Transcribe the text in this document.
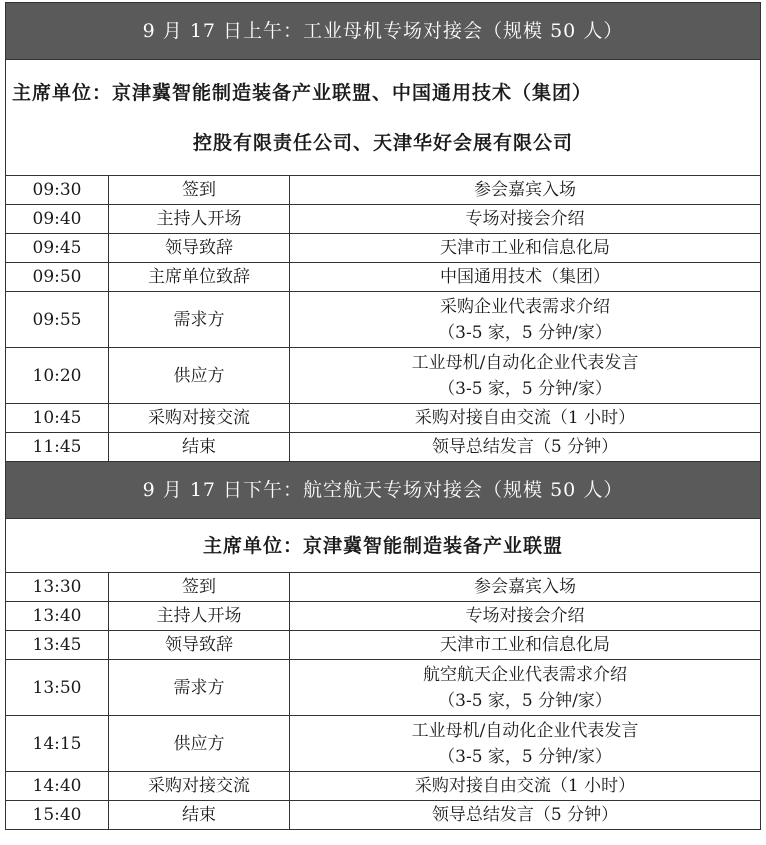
9 月 17 日上午：工业母机专场对接会（规模 50 人）		

主席单位：京津冀智能制造装备产业联盟、中国通用技术（集团）
控股有限责任公司、天津华好会展有限公司		

09:30	签到	参会嘉宾入场

09:40	主持人开场	专场对接会介绍

09:45	领导致辞	天津市工业和信息化局

09:50	主席单位致辞	中国通用技术（集团）

09:55	需求方	采购企业代表需求介绍
（3-5 家，5 分钟/家）

10:20	供应方	工业母机/自动化企业代表发言
（3-5 家，5 分钟/家）

10:45	采购对接交流	采购对接自由交流（1 小时）

11:45	结束	领导总结发言（5 分钟）

9 月 17 日下午：航空航天专场对接会（规模 50 人）		
主席单位：京津冀智能制造装备产业联盟		
13:30	签到	参会嘉宾入场

13:40	主持人开场	专场对接会介绍

13:45	领导致辞	天津市工业和信息化局

13:50	需求方	航空航天企业代表需求介绍
（3-5 家，5 分钟/家）

14:15	供应方	工业母机/自动化企业代表发言
（3-5 家，5 分钟/家）

14:40	采购对接交流	采购对接自由交流（1 小时）

15:40	结束	领导总结发言（5 分钟）
